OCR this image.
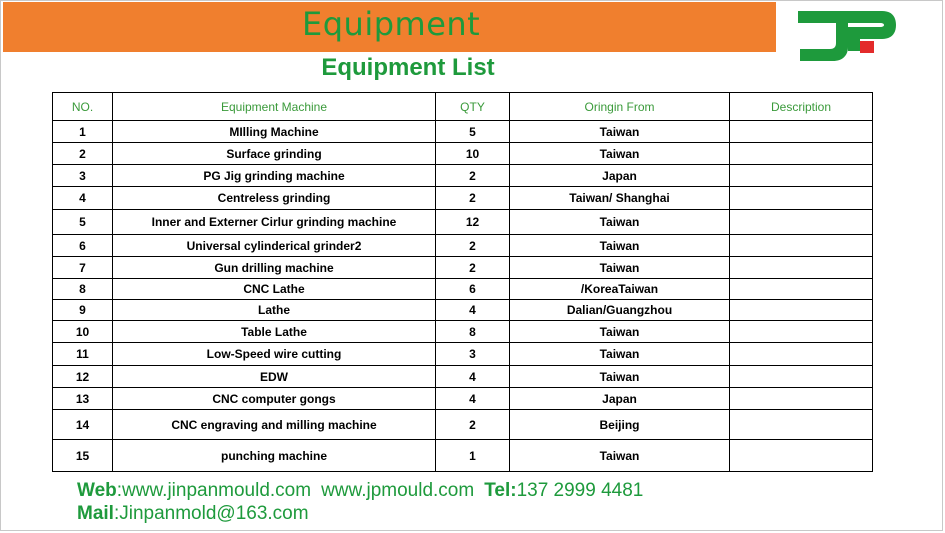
Equipment
Equipment List
NO.	Equipment Machine	QTY	Oringin From	Description
1	MIlling Machine	5	Taiwan	
2	Surface grinding	10	Taiwan	
3	PG Jig grinding machine	2	Japan	
4	Centreless grinding	2	Taiwan/ Shanghai	
5	Inner and Externer Cirlur grinding machine	12	Taiwan	
6	Universal cylinderical grinder2	2	Taiwan	
7	Gun drilling machine	2	Taiwan	
8	CNC Lathe	6	/KoreaTaiwan	
9	Lathe	4	Dalian/Guangzhou	
10	Table Lathe	8	Taiwan	
11	Low-Speed wire cutting	3	Taiwan	
12	EDW	4	Taiwan	
13	CNC computer gongs	4	Japan	
14	CNC engraving and milling machine	2	Beijing	
15	punching machine	1	Taiwan	
Web:www.jinpanmould.com www.jpmould.com Tel:137 2999 4481
Mail:Jinpanmold@163.com
